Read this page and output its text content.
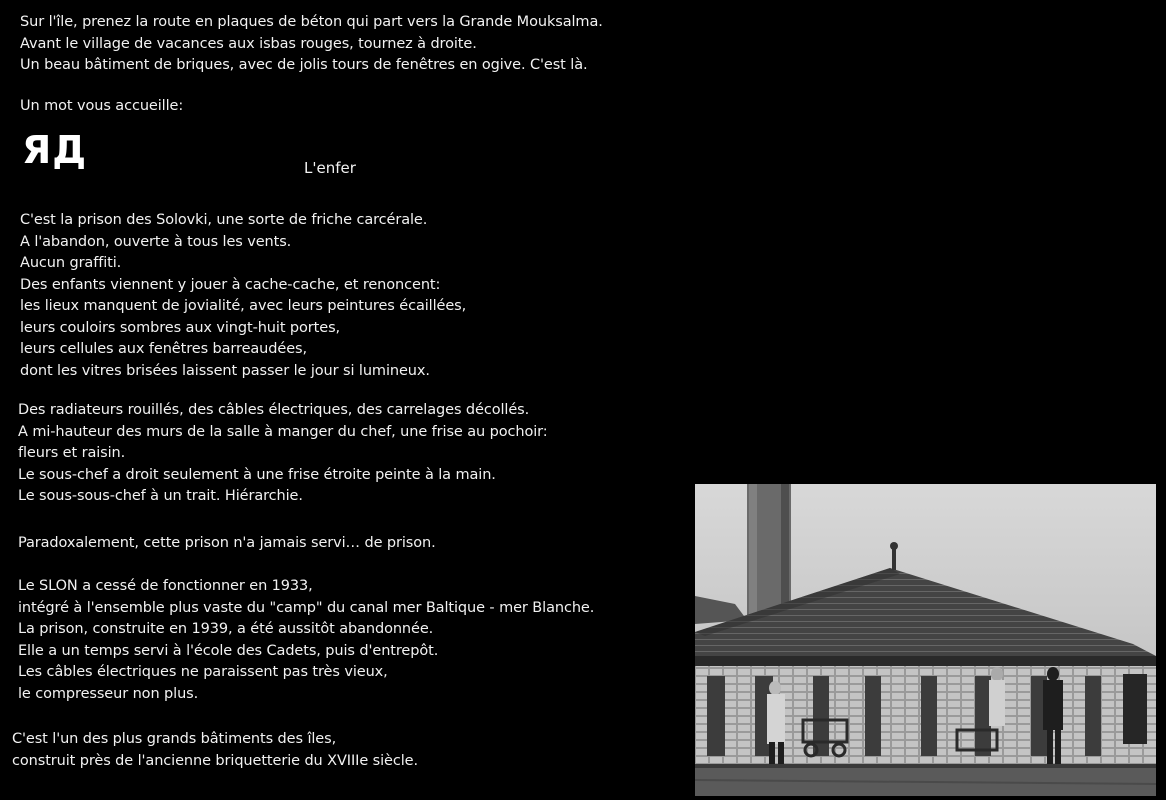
Sur l'île, prenez la route en plaques de béton qui part vers la Grande Mouksalma.
Avant le village de vacances aux isbas rouges, tournez à droite.
Un beau bâtiment de briques, avec de jolis tours de fenêtres en ogive. C'est là.
Un mot vous accueille:
ЯД	L'enfer
C'est la prison des Solovki, une sorte de friche carcérale.
A l'abandon, ouverte à tous les vents.
Aucun graffiti.
Des enfants viennent y jouer à cache-cache, et renoncent:
les lieux manquent de jovialité, avec leurs peintures écaillées,
leurs couloirs sombres aux vingt-huit portes,
leurs cellules aux fenêtres barreaudées,
dont les vitres brisées laissent passer le jour si lumineux.
Des radiateurs rouillés, des câbles électriques, des carrelages décollés.
A mi-hauteur des murs de la salle à manger du chef, une frise au pochoir:
fleurs et raisin.
Le sous-chef a droit seulement à une frise étroite peinte à la main.
Le sous-sous-chef à un trait. Hiérarchie.
Paradoxalement, cette prison n'a jamais servi… de prison.
Le SLON a cessé de fonctionner en 1933,
intégré à l'ensemble plus vaste du "camp" du canal mer Baltique - mer Blanche.
La prison, construite en 1939, a été aussitôt abandonnée.
Elle a un temps servi à l'école des Cadets, puis d'entrepôt.
Les câbles électriques ne paraissent pas très vieux,
le compresseur non plus.
C'est l'un des plus grands bâtiments des îles,
construit près de l'ancienne briquetterie du XVIIIe siècle.
